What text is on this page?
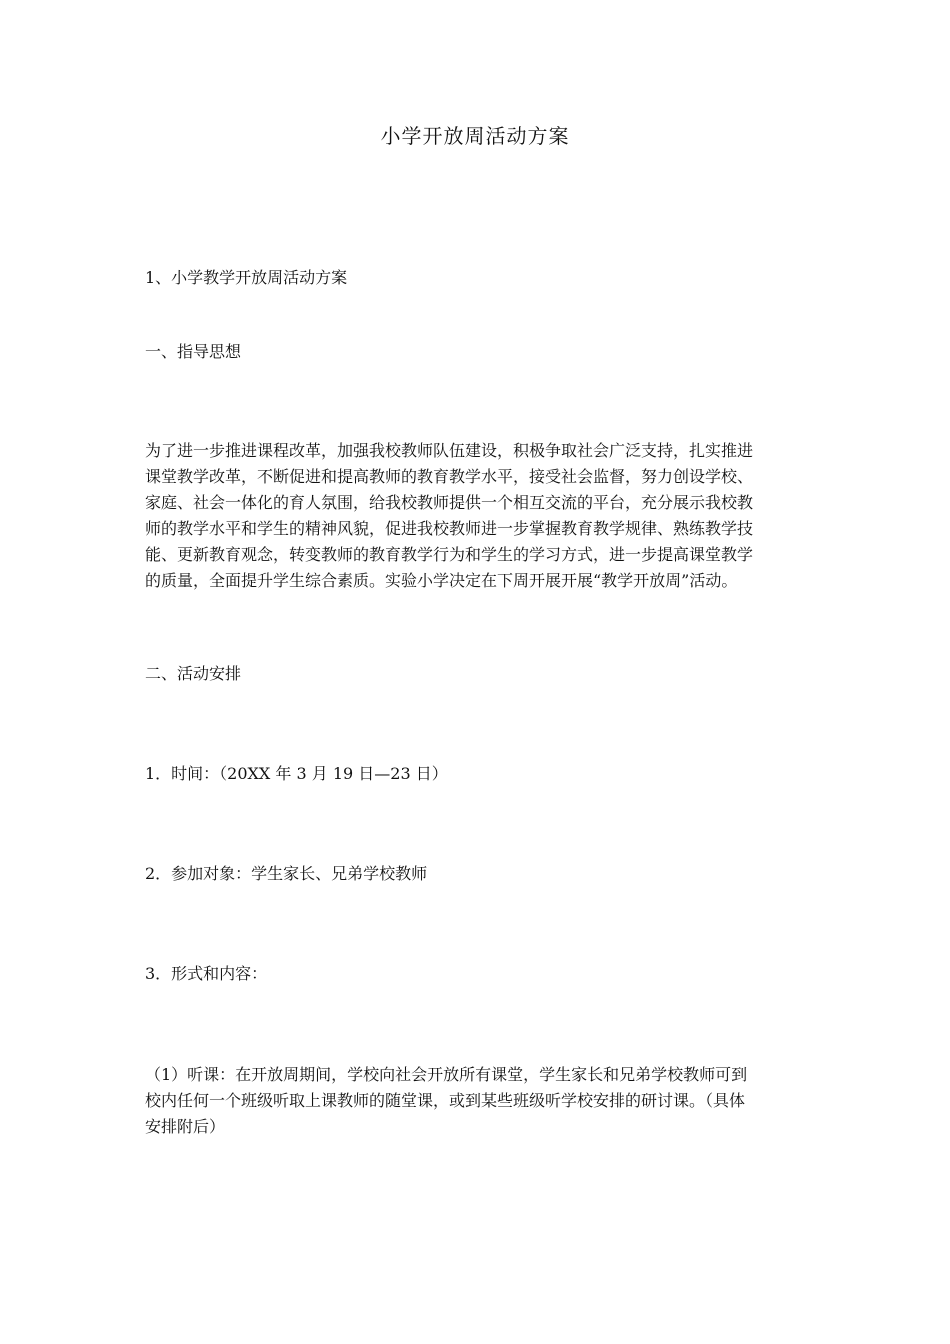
小学开放周活动方案
1、小学教学开放周活动方案
一、指导思想
为了进一步推进课程改革，加强我校教师队伍建设，积极争取社会广泛支持，扎实推进
课堂教学改革，不断促进和提高教师的教育教学水平，接受社会监督，努力创设学校、
家庭、社会一体化的育人氛围，给我校教师提供一个相互交流的平台，充分展示我校教
师的教学水平和学生的精神风貌，促进我校教师进一步掌握教育教学规律、熟练教学技
能、更新教育观念，转变教师的教育教学行为和学生的学习方式，进一步提高课堂教学
的质量，全面提升学生综合素质。实验小学决定在下周开展开展“教学开放周”活动。
二、活动安排
1．时间：（20XX 年 3 月 19 日—23 日）
2．参加对象：学生家长、兄弟学校教师
3．形式和内容：
（1）听课：在开放周期间，学校向社会开放所有课堂，学生家长和兄弟学校教师可到
校内任何一个班级听取上课教师的随堂课，或到某些班级听学校安排的研讨课。（具体
安排附后）
